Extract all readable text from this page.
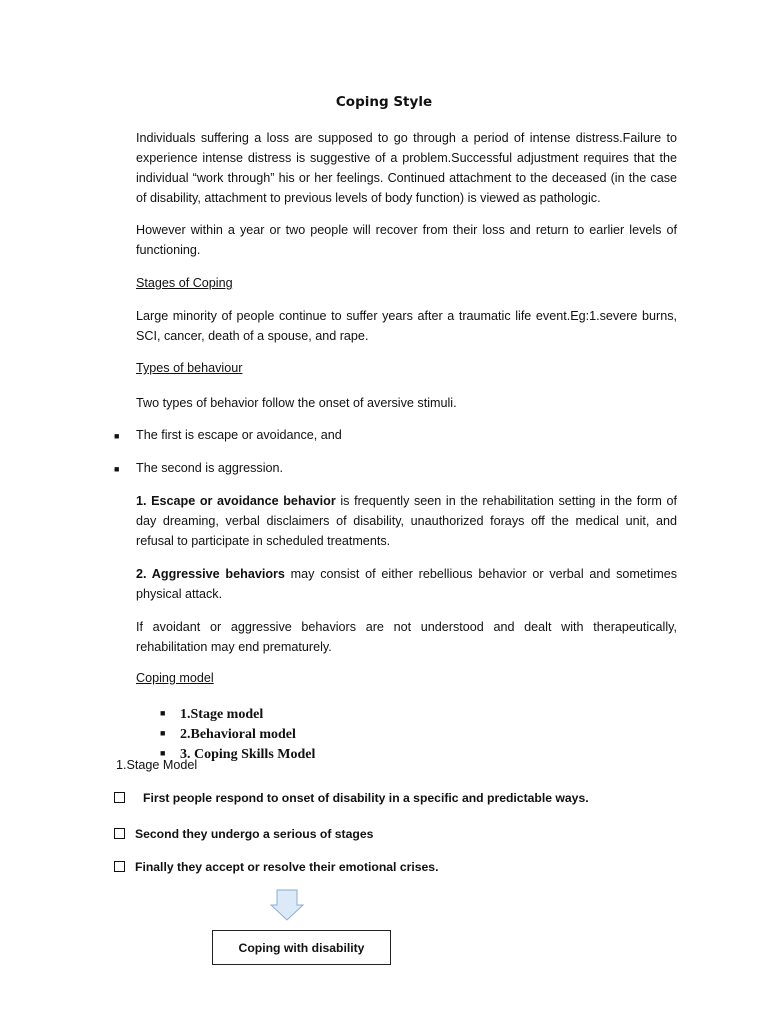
Coping Style
Individuals suffering a loss are supposed to go through a period of intense distress.Failure to experience intense distress is suggestive of a problem.Successful adjustment requires that the individual “work through” his or her feelings. Continued attachment to the deceased (in the case of disability, attachment to previous levels of body function) is viewed as pathologic.
However within a year or two people will recover from their loss and return to earlier levels of functioning.
Stages of Coping
Large minority of people continue to suffer years after a traumatic life event.Eg:1.severe burns, SCI, cancer, death of a spouse, and rape.
Types of behaviour
Two types of behavior follow the onset of aversive stimuli.
■ The first is escape or avoidance, and
■ The second is aggression.
1. Escape or avoidance behavior is frequently seen in the rehabilitation setting in the form of day dreaming, verbal disclaimers of disability, unauthorized forays off the medical unit, and refusal to participate in scheduled treatments.
2. Aggressive behaviors may consist of either rebellious behavior or verbal and sometimes physical attack.
If avoidant or aggressive behaviors are not understood and dealt with therapeutically, rehabilitation may end prematurely.
Coping model
■ 1.Stage model
■ 2.Behavioral model
■ 3. Coping Skills Model
1.Stage Model
First people respond to onset of disability in a specific and predictable ways.
Second they undergo a serious of stages
Finally they accept or resolve their emotional crises.
Coping with disability
